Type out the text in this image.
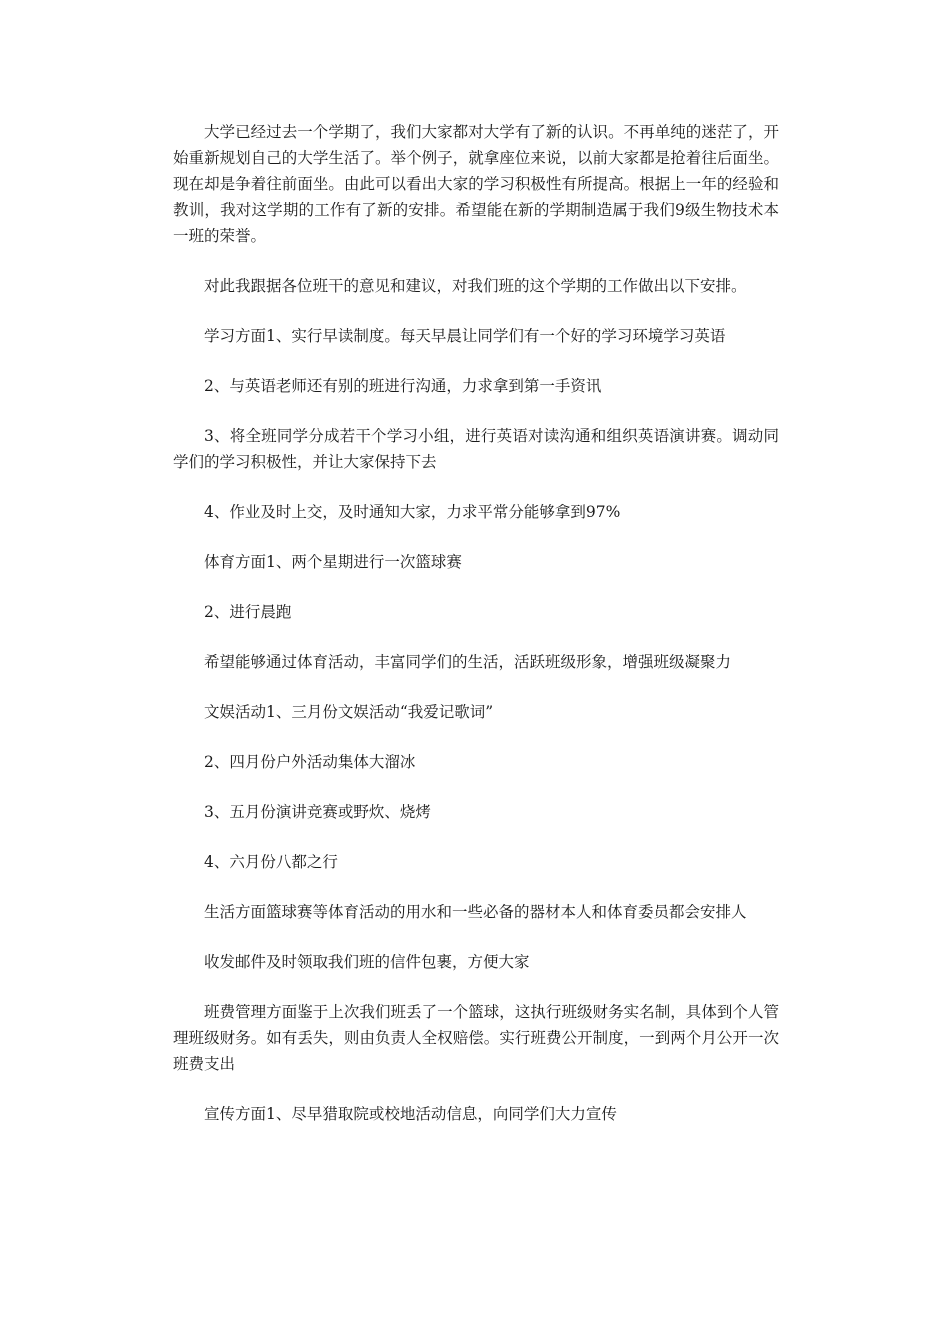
大学已经过去一个学期了，我们大家都对大学有了新的认识。不再单纯的迷茫了，开始重新规划自己的大学生活了。举个例子，就拿座位来说，以前大家都是抢着往后面坐。现在却是争着往前面坐。由此可以看出大家的学习积极性有所提高。根据上一年的经验和教训，我对这学期的工作有了新的安排。希望能在新的学期制造属于我们9级生物技术本一班的荣誉。

对此我跟据各位班干的意见和建议，对我们班的这个学期的工作做出以下安排。

学习方面1、实行早读制度。每天早晨让同学们有一个好的学习环境学习英语

2、与英语老师还有别的班进行沟通，力求拿到第一手资讯

3、将全班同学分成若干个学习小组，进行英语对读沟通和组织英语演讲赛。调动同学们的学习积极性，并让大家保持下去

4、作业及时上交，及时通知大家，力求平常分能够拿到97%

体育方面1、两个星期进行一次篮球赛

2、进行晨跑

希望能够通过体育活动，丰富同学们的生活，活跃班级形象，增强班级凝聚力

文娱活动1、三月份文娱活动“我爱记歌词”

2、四月份户外活动集体大溜冰

3、五月份演讲竞赛或野炊、烧烤

4、六月份八都之行

生活方面篮球赛等体育活动的用水和一些必备的器材本人和体育委员都会安排人

收发邮件及时领取我们班的信件包裹，方便大家

班费管理方面鉴于上次我们班丢了一个篮球，这执行班级财务实名制，具体到个人管理班级财务。如有丢失，则由负责人全权赔偿。实行班费公开制度，一到两个月公开一次班费支出

宣传方面1、尽早猎取院或校地活动信息，向同学们大力宣传
